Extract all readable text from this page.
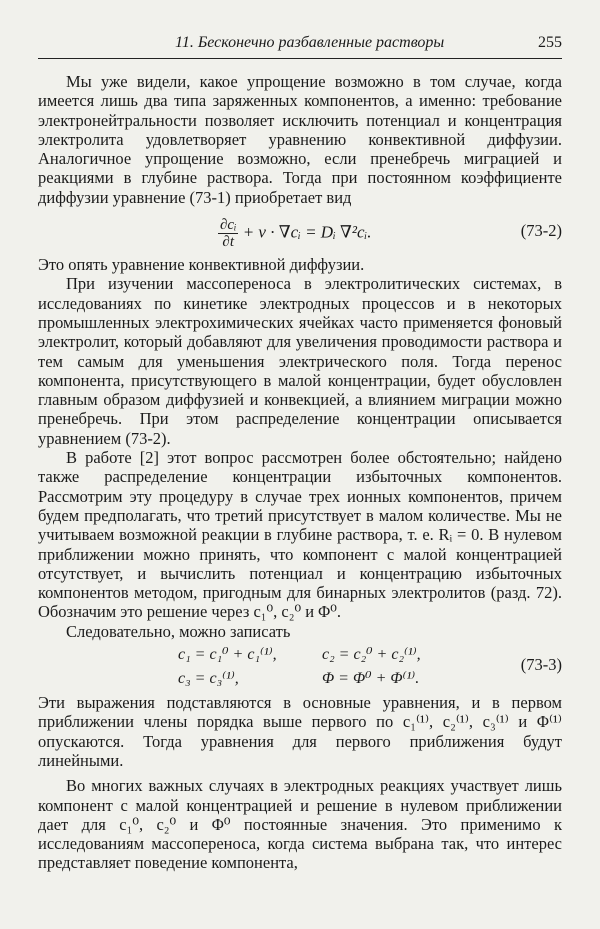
11. Бесконечно разбавленные растворы	255

Мы уже видели, какое упрощение возможно в том случае, когда имеется лишь два типа заряженных компонентов, а именно: требование электронейтральности позволяет исключить потенциал и концентрация электролита удовлетворяет уравнению конвективной диффузии. Аналогичное упрощение возможно, если пренебречь миграцией и реакциями в глубине раствора. Тогда при постоянном коэффициенте диффузии уравнение (73-1) приобретает вид

$\frac{\text{∂cᵢ}}{\partial t} + v$ · ∇cᵢ = Dᵢ ∇²cᵢ.	(73-2)

Это опять уравнение конвективной диффузии.

При изучении массопереноса в электролитических системах, в исследованиях по кинетике электродных процессов и в некоторых промышленных электрохимических ячейках часто применяется фоновый электролит, который добавляют для увеличения проводимости раствора и тем самым для уменьшения электрического поля. Тогда перенос компонента, присутствующего в малой концентрации, будет обусловлен главным образом диффузией и конвекцией, а влиянием миграции можно пренебречь. При этом распределение концентрации описывается уравнением (73-2).

В работе [2] этот вопрос рассмотрен более обстоятельно; найдено также распределение концентрации избыточных компонентов. Рассмотрим эту процедуру в случае трех ионных компонентов, причем будем предполагать, что третий присутствует в малом количестве. Мы не учитываем возможной реакции в глубине раствора, т. е. Rᵢ = 0. В нулевом приближении можно принять, что компонент с малой концентрацией отсутствует, и вычислить потенциал и концентрацию избыточных компонентов методом, пригодным для бинарных электролитов (разд. 72). Обозначим это решение через c₁⁰, c₂⁰ и Φ⁰.

Следовательно, можно записать

c₁ = c₁⁰ + c₁⁽¹⁾,	c₂ = c₂⁰ + c₂⁽¹⁾,
c₃ = c₃⁽¹⁾,	Φ = Φ⁰ + Φ⁽¹⁾.
(73-3)

Эти выражения подставляются в основные уравнения, и в первом приближении члены порядка выше первого по c₁⁽¹⁾, c₂⁽¹⁾, c₃⁽¹⁾ и Φ⁽¹⁾ опускаются. Тогда уравнения для первого приближения будут линейными.

Во многих важных случаях в электродных реакциях участвует лишь компонент с малой концентрацией и решение в нулевом приближении дает для c₁⁰, c₂⁰ и Φ⁰ постоянные значения. Это применимо к исследованиям массопереноса, когда система выбрана так, что интерес представляет поведение компонента,
